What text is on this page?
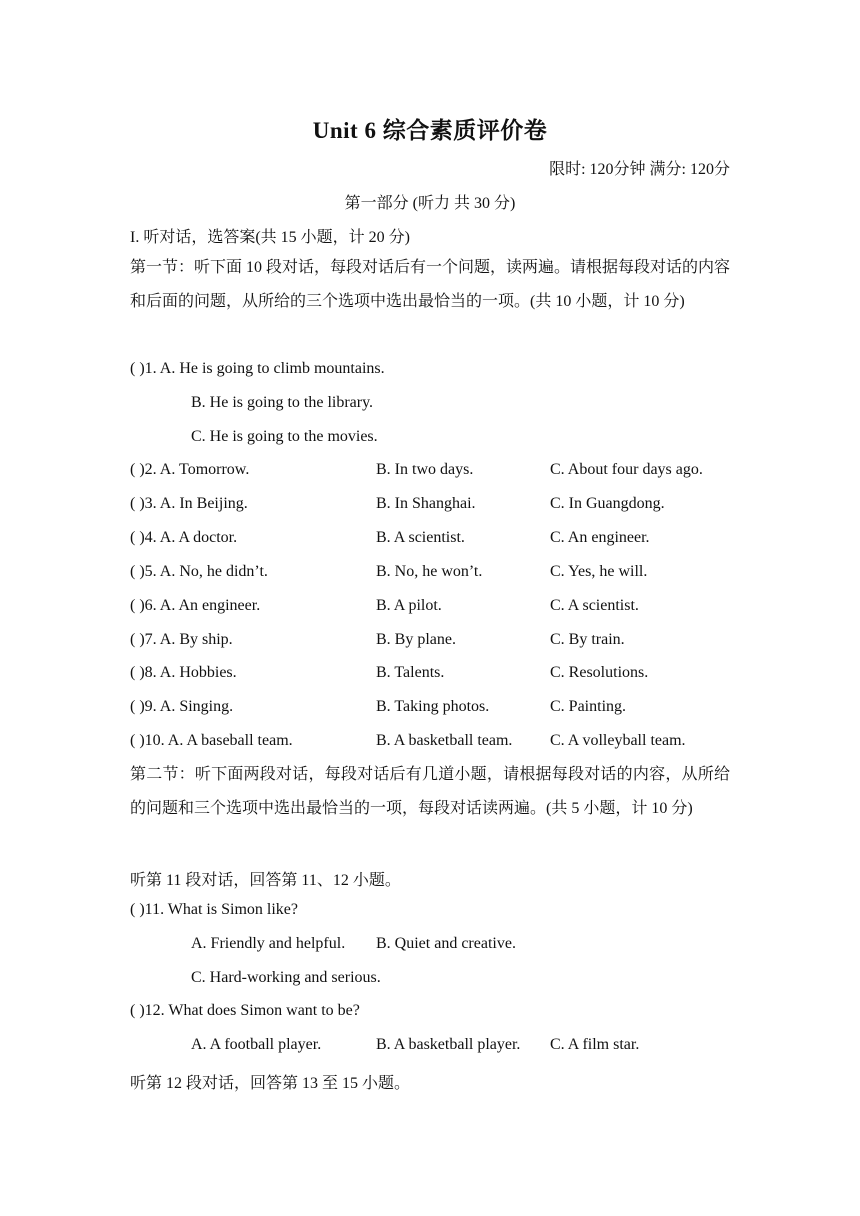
Unit 6 综合素质评价卷
限时: 120分钟 满分: 120分
第一部分 (听力 共 30 分)
I. 听对话，选答案(共 15 小题，计 20 分)
第一节：听下面 10 段对话，每段对话后有一个问题，读两遍。请根据每段对话的内容和后面的问题，从所给的三个选项中选出最恰当的一项。(共 10 小题，计 10 分)
( )1. A. He is going to climb mountains.
B. He is going to the library.
C. He is going to the movies.
( )2. A. Tomorrow.	B. In two days.	C. About four days ago.
( )3. A. In Beijing.	B. In Shanghai.	C. In Guangdong.
( )4. A. A doctor.	B. A scientist.	C. An engineer.
( )5. A. No, he didn’t.	B. No, he won’t.	C. Yes, he will.
( )6. A. An engineer.	B. A pilot.	C. A scientist.
( )7. A. By ship.	B. By plane.	C. By train.
( )8. A. Hobbies.	B. Talents.	C. Resolutions.
( )9. A. Singing.	B. Taking photos.	C. Painting.
( )10. A. A baseball team.	B. A basketball team. C. A volleyball team.
第二节：听下面两段对话，每段对话后有几道小题，请根据每段对话的内容，从所给的问题和三个选项中选出最恰当的一项，每段对话读两遍。(共 5 小题，计 10 分)
听第 11 段对话，回答第 11、12 小题。
( )11. What is Simon like?
A. Friendly and helpful. B. Quiet and creative.
C. Hard-working and serious.
( )12. What does Simon want to be?
A. A football player.	B. A basketball player. C. A film star.
听第 12 段对话，回答第 13 至 15 小题。
